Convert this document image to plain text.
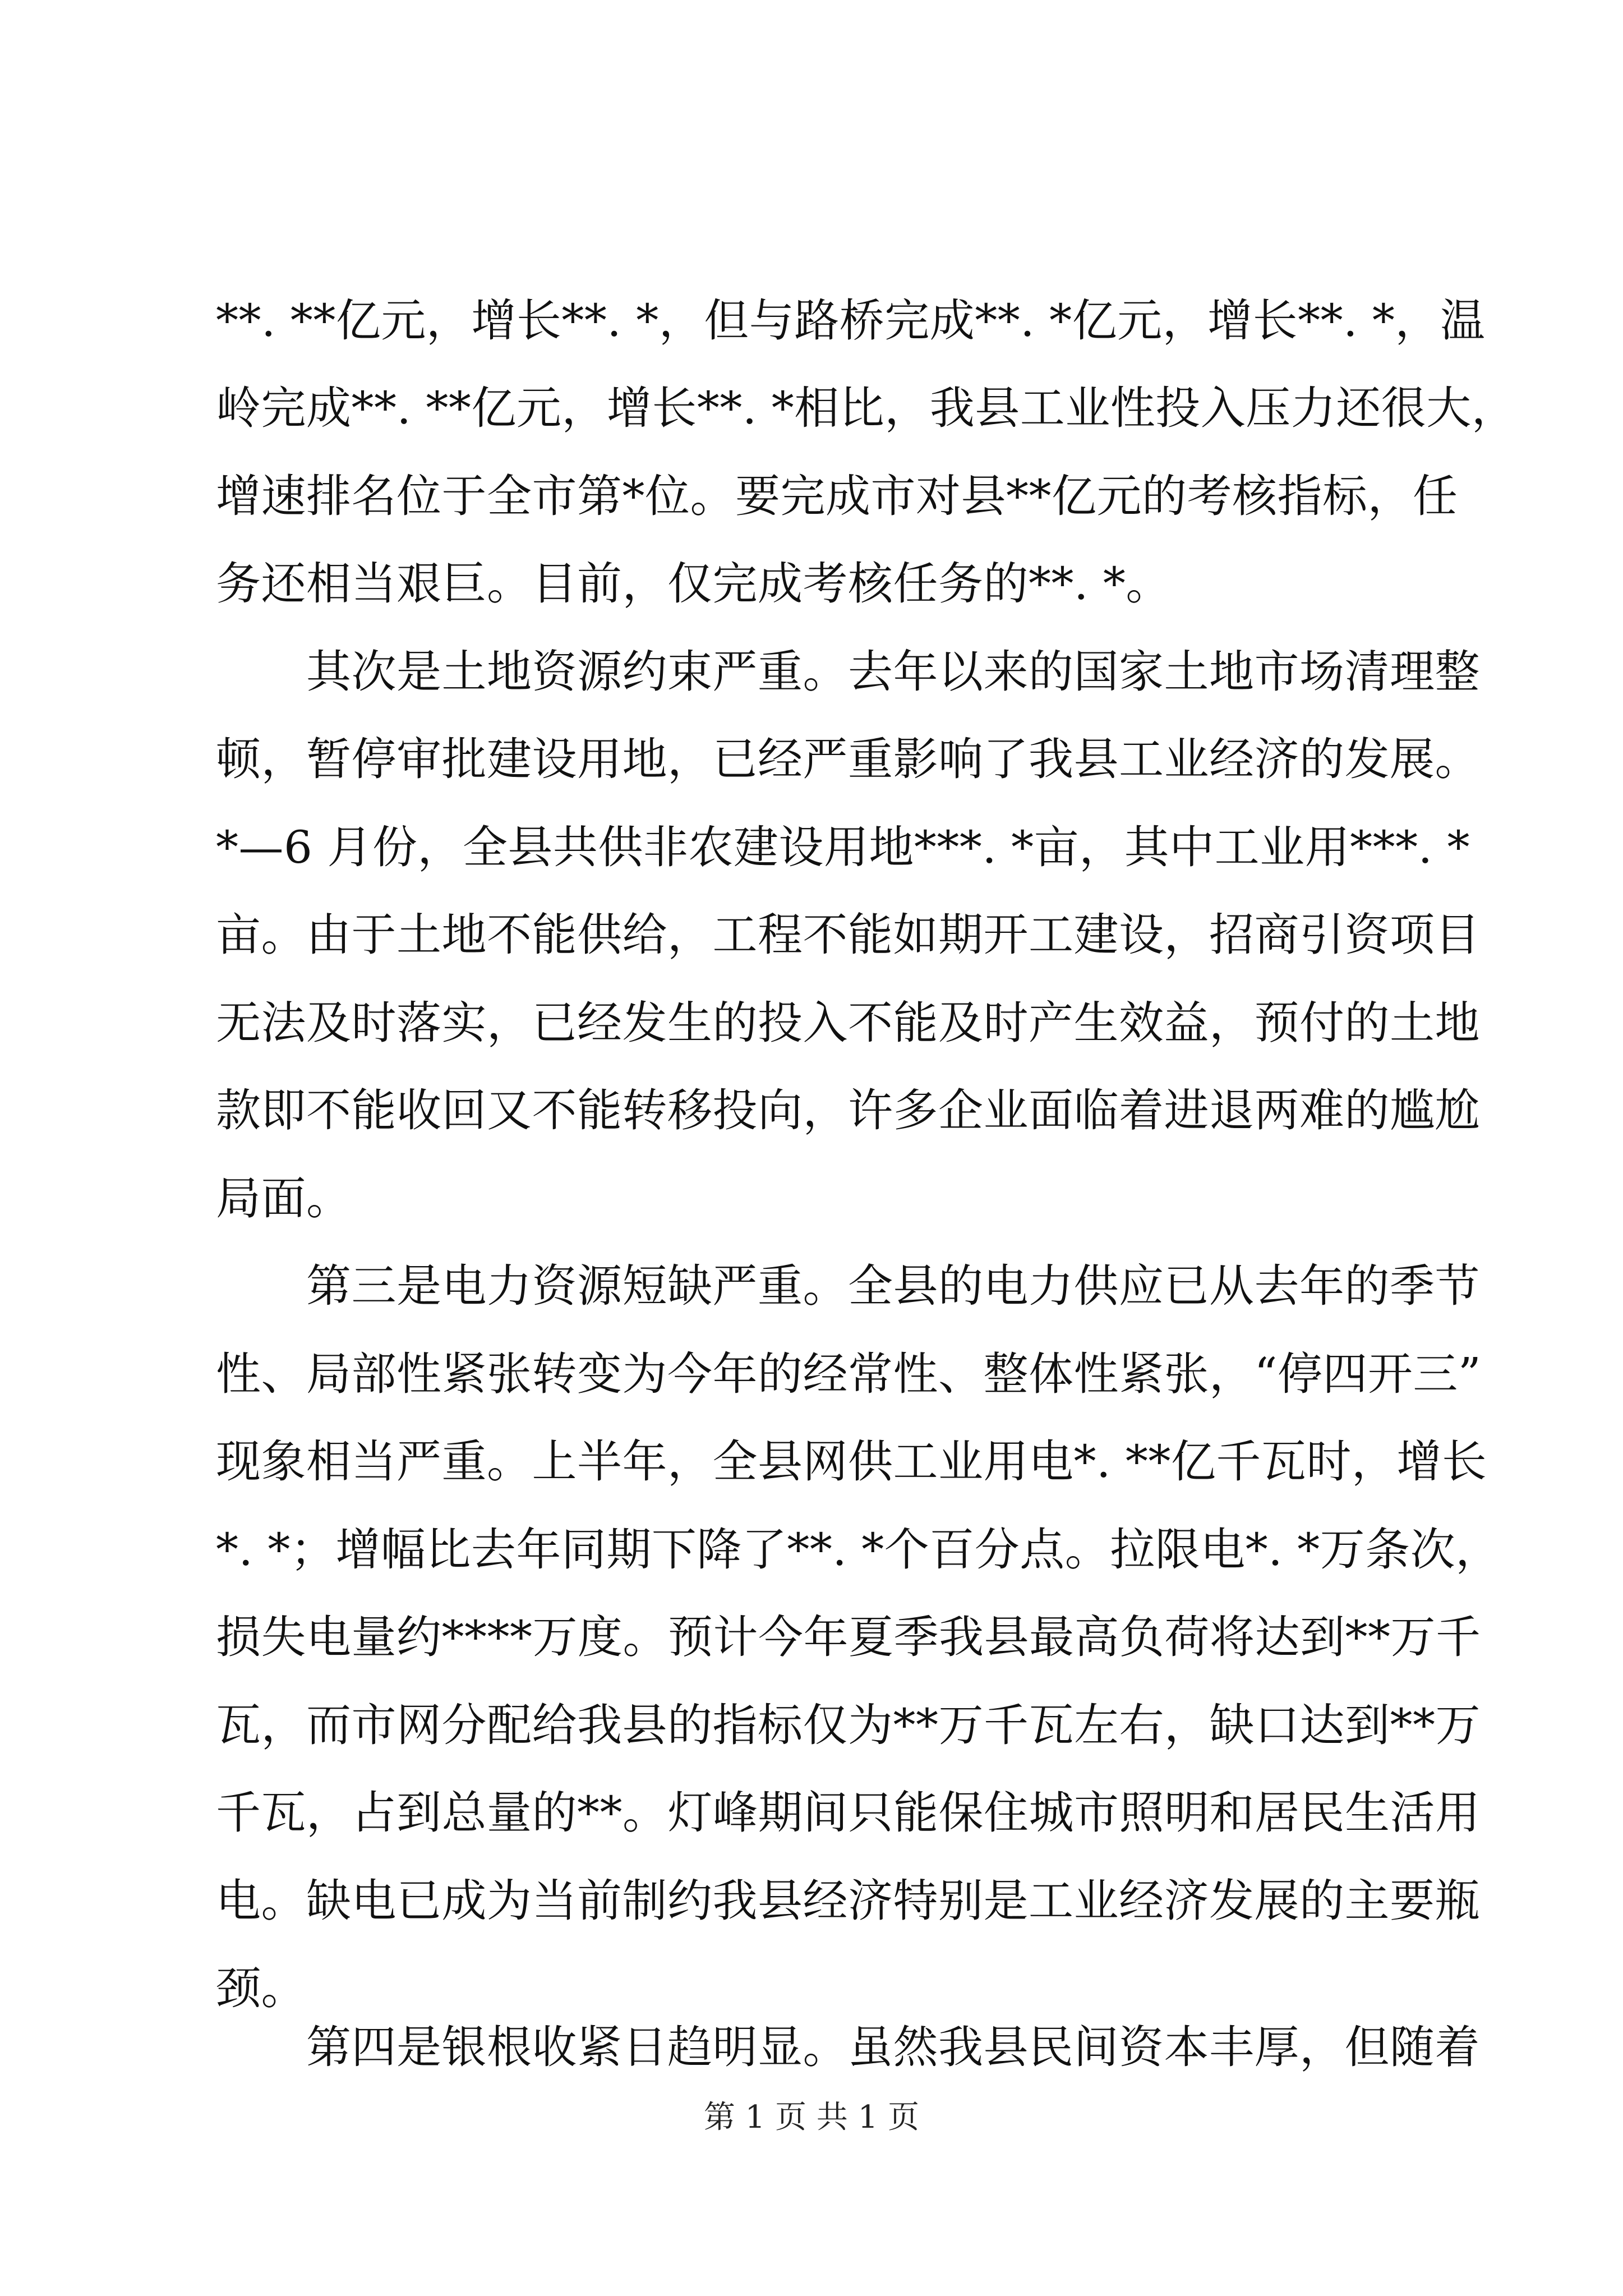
**. **亿元，增长**. *，但与路桥完成**. *亿元，增长**. *，温
岭完成**. **亿元，增长**. *相比，我县工业性投入压力还很大，
增速排名位于全市第*位。要完成市对县**亿元的考核指标，任
务还相当艰巨。目前，仅完成考核任务的**. *。
　　其次是土地资源约束严重。去年以来的国家土地市场清理整
顿，暂停审批建设用地，已经严重影响了我县工业经济的发展。
*—6 月份，全县共供非农建设用地***. *亩，其中工业用***. *
亩。由于土地不能供给，工程不能如期开工建设，招商引资项目
无法及时落实，已经发生的投入不能及时产生效益，预付的土地
款即不能收回又不能转移投向，许多企业面临着进退两难的尴尬
局面。
　　第三是电力资源短缺严重。全县的电力供应已从去年的季节
性、局部性紧张转变为今年的经常性、整体性紧张，“停四开三”
现象相当严重。上半年，全县网供工业用电*. **亿千瓦时，增长
*. *；增幅比去年同期下降了**. *个百分点。拉限电*. *万条次，
损失电量约****万度。预计今年夏季我县最高负荷将达到**万千
瓦，而市网分配给我县的指标仅为**万千瓦左右，缺口达到**万
千瓦，占到总量的**。灯峰期间只能保住城市照明和居民生活用
电。缺电已成为当前制约我县经济特别是工业经济发展的主要瓶
颈。
　　第四是银根收紧日趋明显。虽然我县民间资本丰厚，但随着
第 1 页 共 1 页
